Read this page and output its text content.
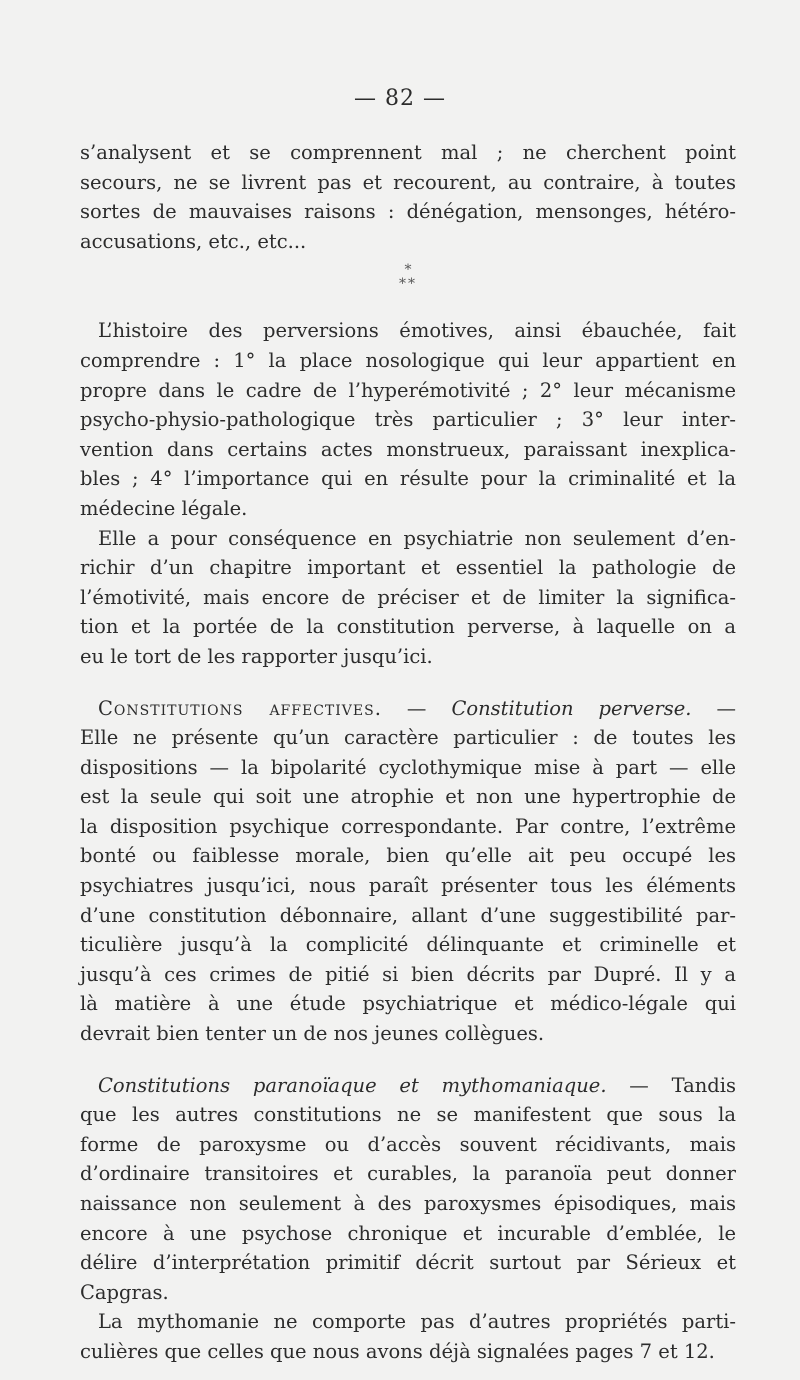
— 82 —
s’analysent et se comprennent mal ; ne cherchent point
secours, ne se livrent pas et recourent, au contraire, à toutes
sortes de mauvaises raisons : dénégation, mensonges, hétéro-
accusations, etc., etc...
*
**
L’histoire des perversions émotives, ainsi ébauchée, fait
comprendre : 1° la place nosologique qui leur appartient en
propre dans le cadre de l’hyperémotivité ; 2° leur mécanisme
psycho-physio-pathologique très particulier ; 3° leur inter-
vention dans certains actes monstrueux, paraissant inexplica-
bles ; 4° l’importance qui en résulte pour la criminalité et la
médecine légale.
Elle a pour conséquence en psychiatrie non seulement d’en-
richir d’un chapitre important et essentiel la pathologie de
l’émotivité, mais encore de préciser et de limiter la significa-
tion et la portée de la constitution perverse, à laquelle on a
eu le tort de les rapporter jusqu’ici.
Constitutions affectives. — Constitution perverse. —
Elle ne présente qu’un caractère particulier : de toutes les
dispositions — la bipolarité cyclothymique mise à part — elle
est la seule qui soit une atrophie et non une hypertrophie de
la disposition psychique correspondante. Par contre, l’extrême
bonté ou faiblesse morale, bien qu’elle ait peu occupé les
psychiatres jusqu’ici, nous paraît présenter tous les éléments
d’une constitution débonnaire, allant d’une suggestibilité par-
ticulière jusqu’à la complicité délinquante et criminelle et
jusqu’à ces crimes de pitié si bien décrits par Dupré. Il y a
là matière à une étude psychiatrique et médico-légale qui
devrait bien tenter un de nos jeunes collègues.
Constitutions paranoïaque et mythomaniaque. — Tandis
que les autres constitutions ne se manifestent que sous la
forme de paroxysme ou d’accès souvent récidivants, mais
d’ordinaire transitoires et curables, la paranoïa peut donner
naissance non seulement à des paroxysmes épisodiques, mais
encore à une psychose chronique et incurable d’emblée, le
délire d’interprétation primitif décrit surtout par Sérieux et
Capgras.
La mythomanie ne comporte pas d’autres propriétés parti-
culières que celles que nous avons déjà signalées pages 7 et 12.
